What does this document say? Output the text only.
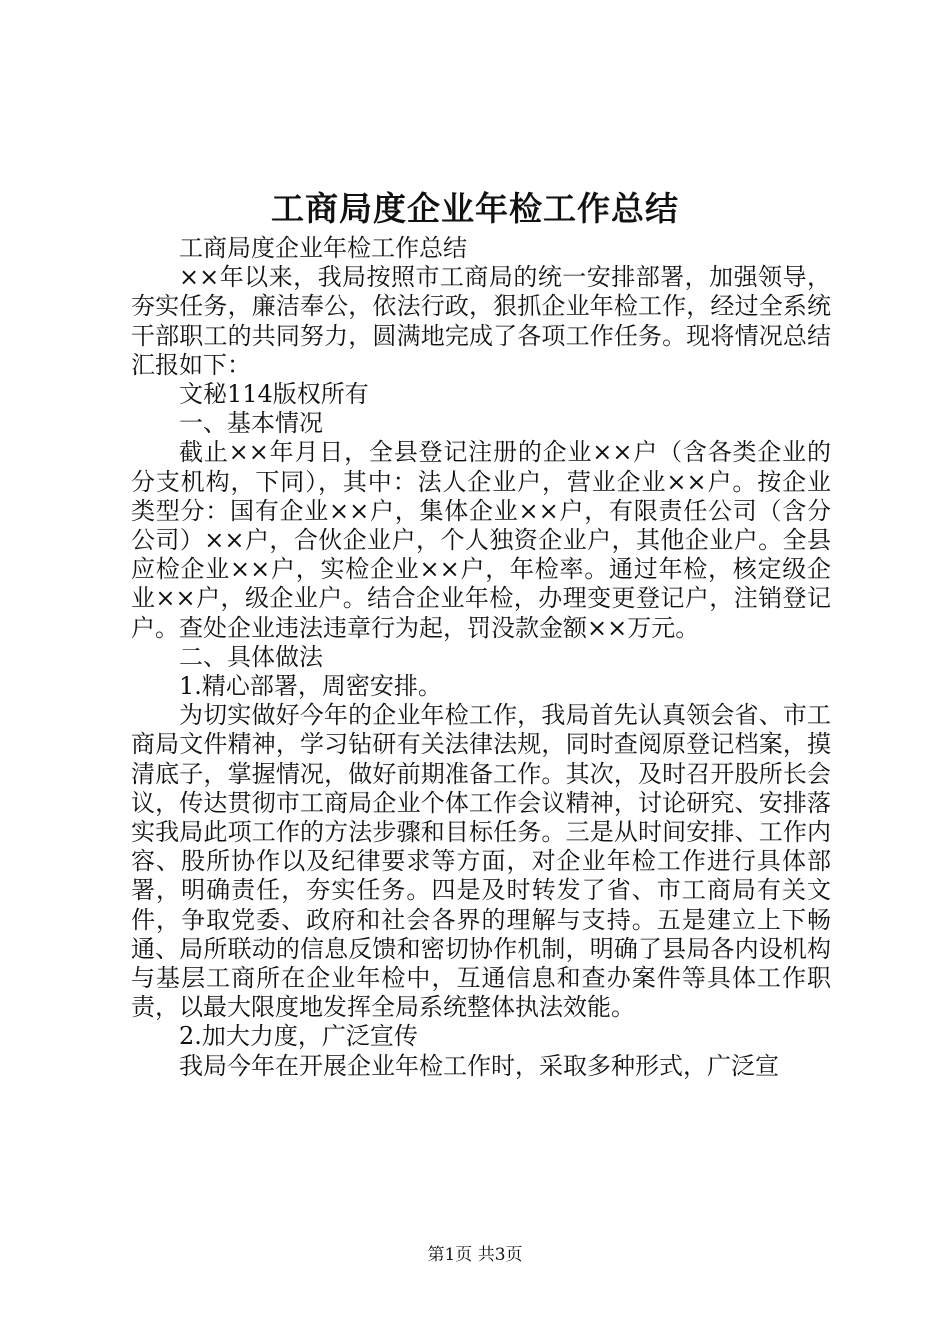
工商局度企业年检工作总结

工商局度企业年检工作总结

××年以来，我局按照市工商局的统一安排部署，加强领导，夯实任务，廉洁奉公，依法行政，狠抓企业年检工作，经过全系统干部职工的共同努力，圆满地完成了各项工作任务。现将情况总结汇报如下：

文秘114版权所有

一、基本情况

截止××年月日，全县登记注册的企业××户（含各类企业的分支机构，下同），其中：法人企业户，营业企业××户。按企业类型分：国有企业××户，集体企业××户，有限责任公司（含分公司）××户，合伙企业户，个人独资企业户，其他企业户。全县应检企业××户，实检企业××户，年检率。通过年检，核定级企业××户，级企业户。结合企业年检，办理变更登记户，注销登记户。查处企业违法违章行为起，罚没款金额××万元。

二、具体做法

1.精心部署，周密安排。

为切实做好今年的企业年检工作，我局首先认真领会省、市工商局文件精神，学习钻研有关法律法规，同时查阅原登记档案，摸清底子，掌握情况，做好前期准备工作。其次，及时召开股所长会议，传达贯彻市工商局企业个体工作会议精神，讨论研究、安排落实我局此项工作的方法步骤和目标任务。三是从时间安排、工作内容、股所协作以及纪律要求等方面，对企业年检工作进行具体部署，明确责任，夯实任务。四是及时转发了省、市工商局有关文件，争取党委、政府和社会各界的理解与支持。五是建立上下畅通、局所联动的信息反馈和密切协作机制，明确了县局各内设机构与基层工商所在企业年检中，互通信息和查办案件等具体工作职责，以最大限度地发挥全局系统整体执法效能。

2.加大力度，广泛宣传

我局今年在开展企业年检工作时，采取多种形式，广泛宣

第1页 共3页
